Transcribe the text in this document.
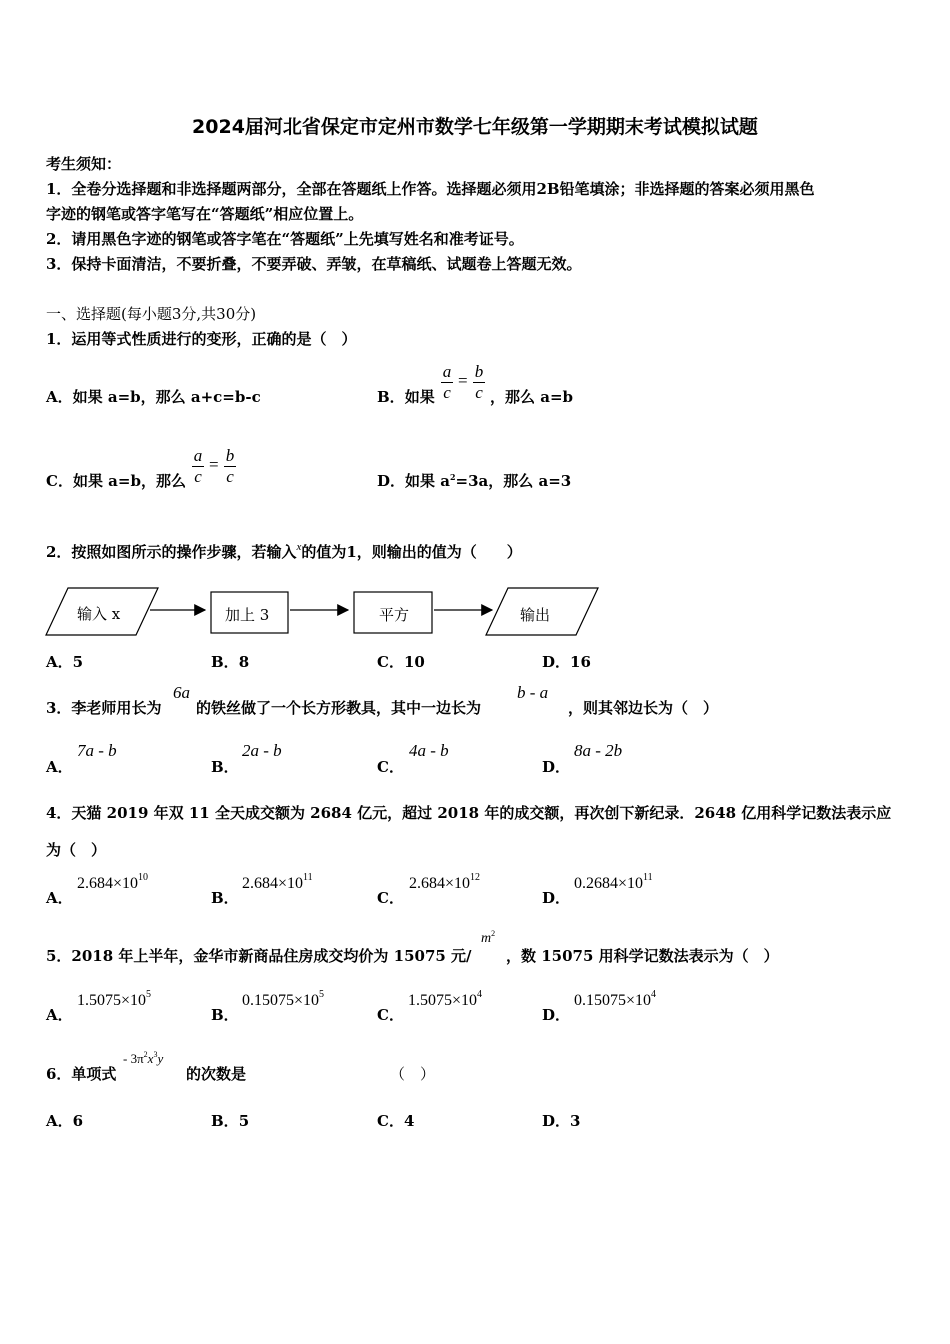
2024届河北省保定市定州市数学七年级第一学期期末考试模拟试题
考生须知：
1．全卷分选择题和非选择题两部分，全部在答题纸上作答。选择题必须用2B铅笔填涂；非选择题的答案必须用黑色
字迹的钢笔或答字笔写在“答题纸”相应位置上。
2．请用黑色字迹的钢笔或答字笔在“答题纸”上先填写姓名和准考证号。
3．保持卡面清洁，不要折叠，不要弄破、弄皱，在草稿纸、试题卷上答题无效。
一、选择题(每小题3分,共30分)
1．运用等式性质进行的变形，正确的是（　）
A．如果 a=b，那么 a+c=b-c	B．如果
a
c
= b
c ，那么 a=b
C．如果 a=b，那么
a
c
= b
c	D．如果 $a^2=3a$，那么 a=3
2．按照如图所示的操作步骤，若输入$^x$的值为1，则输出的值为（　　）
输入 x	加上 3	平方	输出
A．5	B．8	C．10	D．16
3．李老师用长为
6a
的铁丝做了一个长方形教具，其中一边长为
b - a
，则其邻边长为（　）
A．
7a - b
B．
2a - b
C．
4a - b
D．
8a - 2b
4．天猫 2019 年双 11 全天成交额为 2684 亿元，超过 2018 年的成交额，再次创下新纪录．2648 亿用科学记数法表示应
为（　）
A．
$2.684\times 10^{10}$
B．
$2.684\times 10^{11}$
C．
$2.684\times 10^{12}$
D．
$0.2684\times 10^{11}$
5．2018 年上半年，金华市新商品住房成交均价为 15075 元/
$m^2$
，数 15075 用科学记数法表示为（　）
A．
$1.5075\times 10^5$
B．
$0.15075\times 10^5$
C．
$1.5075\times 10^4$
D．
$0.15075\times 10^4$
6．单项式
- $3\pi^2x^3y$
的次数是	（　）
A．6	B．5	C．4	D．3
